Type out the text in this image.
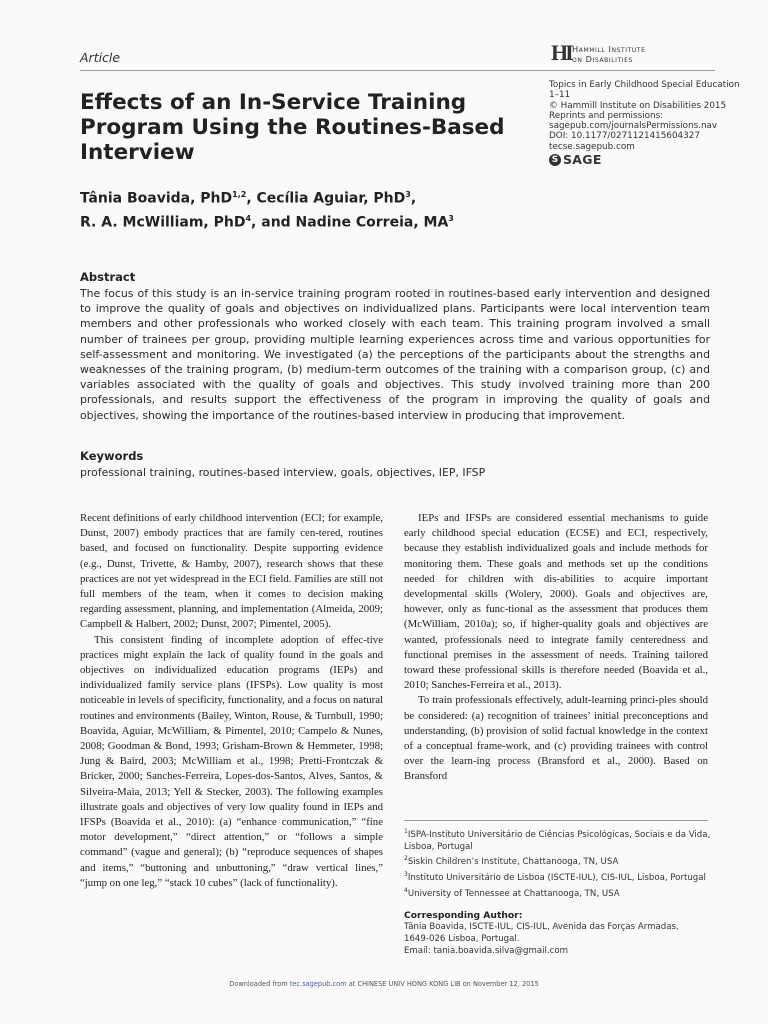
Article	HI Hammill Institute
on Disabilities
Topics in Early Childhood Special Education
1–11
© Hammill Institute on Disabilities 2015
Reprints and permissions:
sagepub.com/journalsPermissions.nav
DOI: 10.1177/0271121415604327
tecse.sagepub.com
S SAGE
Effects of an In-Service Training Program Using the Routines-Based Interview
Tânia Boavida, PhD$^{1,2}$, Cecília Aguiar, PhD$^3$,
R. A. McWilliam, PhD$^4$, and Nadine Correia, $MA^3$
Abstract
The focus of this study is an in-service training program rooted in routines-based early intervention and designed to improve the quality of goals and objectives on individualized plans. Participants were local intervention team members and other professionals who worked closely with each team. This training program involved a small number of trainees per group, providing multiple learning experiences across time and various opportunities for self-assessment and monitoring. We investigated (a) the perceptions of the participants about the strengths and weaknesses of the training program, (b) medium-term outcomes of the training with a comparison group, (c) and variables associated with the quality of goals and objectives. This study involved training more than 200 professionals, and results support the effectiveness of the program in improving the quality of goals and objectives, showing the importance of the routines-based interview in producing that improvement.
Keywords
professional training, routines-based interview, goals, objectives, IEP, IFSP

Recent definitions of early childhood intervention (ECI; for example, Dunst, 2007) embody practices that are family cen-tered, routines based, and focused on functionality. Despite supporting evidence (e.g., Dunst, Trivette, & Hamby, 2007), research shows that these practices are not yet widespread in the ECI field. Families are still not full members of the team, when it comes to decision making regarding assessment, planning, and implementation (Almeida, 2009; Campbell & Halbert, 2002; Dunst, 2007; Pimentel, 2005).

This consistent finding of incomplete adoption of effec-tive practices might explain the lack of quality found in the goals and objectives on individualized education programs (IEPs) and individualized family service plans (IFSPs). Low quality is most noticeable in levels of specificity, functionality, and a focus on natural routines and environments (Bailey, Winton, Rouse, & Turnbull, 1990; Boavida, Aguiar, McWilliam, & Pimentel, 2010; Campelo & Nunes, 2008; Goodman & Bond, 1993; Grisham-Brown & Hemmeter, 1998; Jung & Baird, 2003; McWilliam et al., 1998; Pretti-Frontczak & Bricker, 2000; Sanches-Ferreira, Lopes-dos-Santos, Alves, Santos, & Silveira-Maia, 2013; Yell & Stecker, 2003). The following examples illustrate goals and objectives of very low quality found in IEPs and IFSPs (Boavida et al., 2010): (a) “enhance communication,” “fine motor development,” “direct attention,” or “follows a simple command” (vague and general); (b) “reproduce sequences of shapes and items,” “buttoning and unbuttoning,” “draw vertical lines,” “jump on one leg,” “stack 10 cubes” (lack of functionality).

IEPs and IFSPs are considered essential mechanisms to guide early childhood special education (ECSE) and ECI, respectively, because they establish individualized goals and include methods for monitoring them. These goals and methods set up the conditions needed for children with dis-abilities to acquire important developmental skills (Wolery, 2000). Goals and objectives are, however, only as func-tional as the assessment that produces them (McWilliam, 2010a); so, if higher-quality goals and objectives are wanted, professionals need to integrate family centeredness and functional premises in the assessment of needs. Training tailored toward these professional skills is therefore needed (Boavida et al., 2010; Sanches-Ferreira et al., 2013).

To train professionals effectively, adult-learning princi-ples should be considered: (a) recognition of trainees’ initial preconceptions and understanding, (b) provision of solid factual knowledge in the context of a conceptual frame-work, and (c) providing trainees with control over the learn-ing process (Bransford et al., 2000). Based on Bransford

$^1$ISPA-Instituto Universitário de Ciências Psicológicas, Sociais e da Vida, Lisboa, Portugal
$^2$Siskin Children’s Institute, Chattanooga, TN, USA
$^3$Instituto Universitário de Lisboa (ISCTE-IUL), CIS-IUL, Lisboa, Portugal
$^4$University of Tennessee at Chattanooga, TN, USA
Corresponding Author:
Tânia Boavida, ISCTE-IUL, CIS-IUL, Avenida das Forças Armadas,
1649-026 Lisboa, Portugal.
Email: tania.boavida.silva@gmail.com
Downloaded from tec.sagepub.com at CHINESE UNIV HONG KONG LIB on November 12, 2015
